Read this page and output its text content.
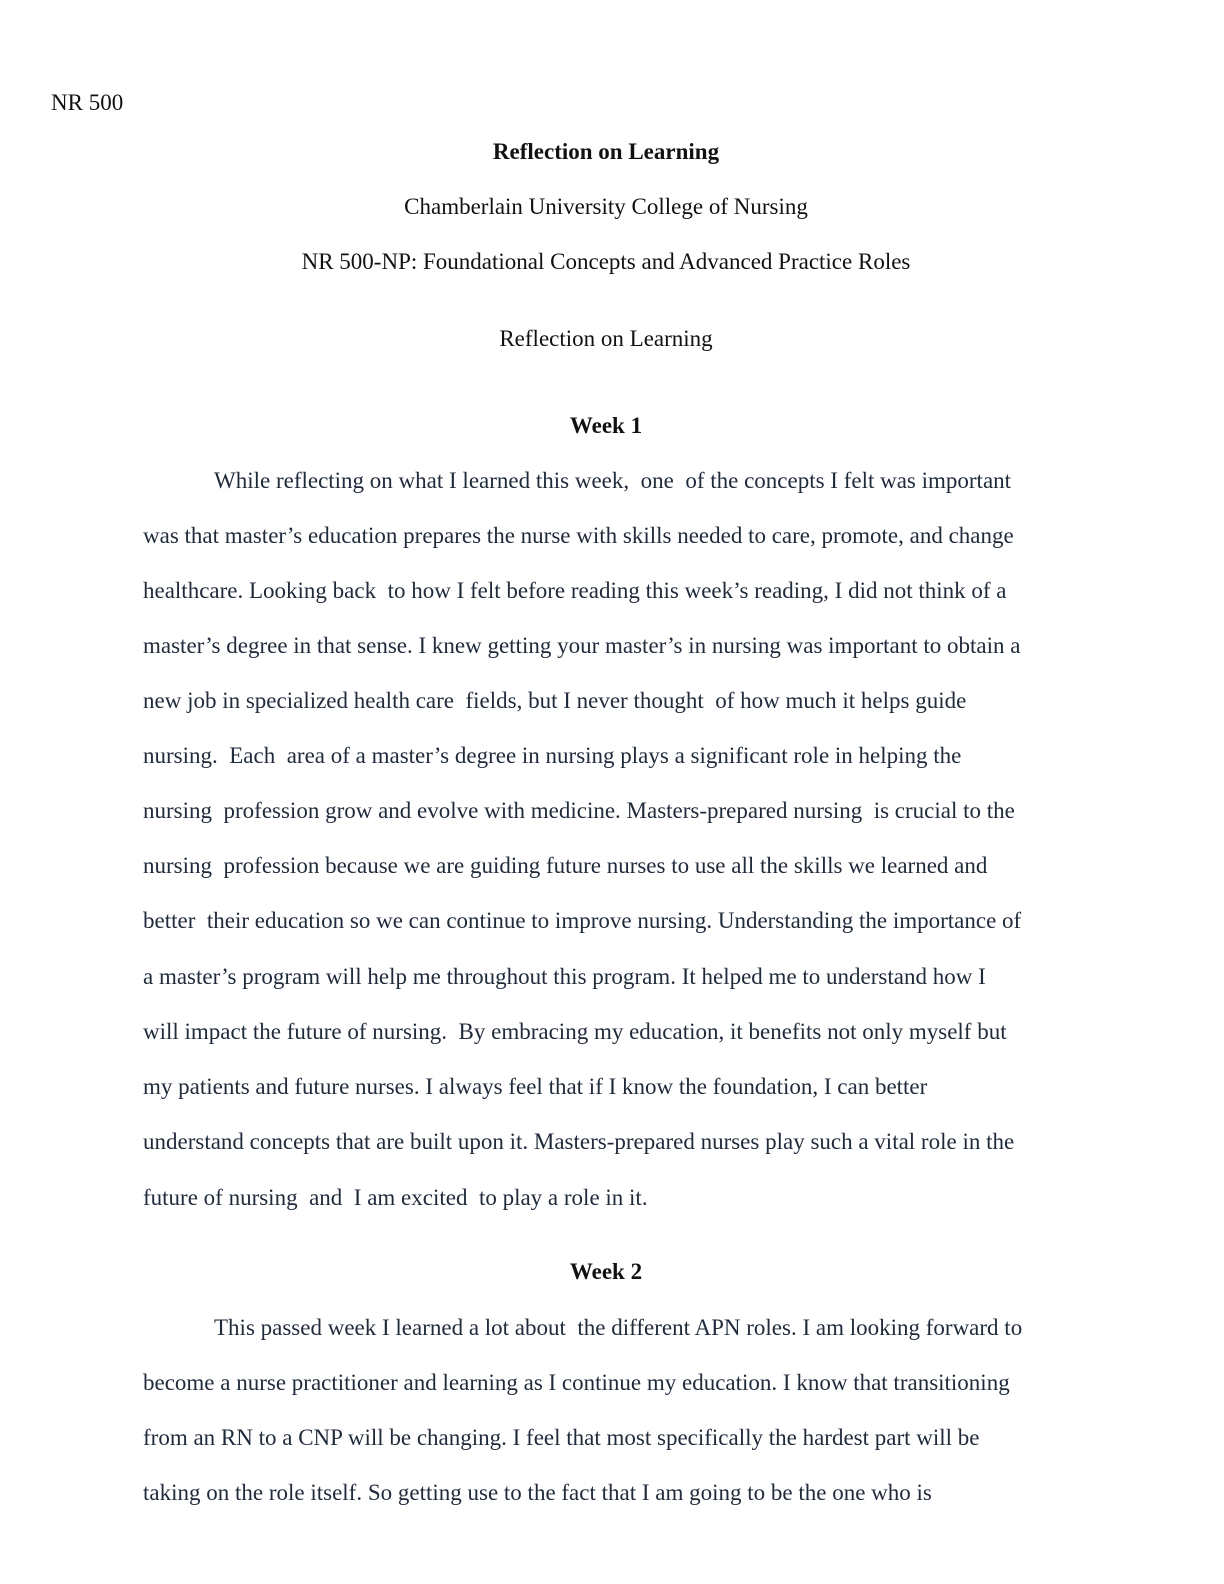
NR 500
Reflection on Learning
Chamberlain University College of Nursing
NR 500-NP: Foundational Concepts and Advanced Practice Roles
Reflection on Learning
Week 1
While reflecting on what I learned this week,  one  of the concepts I felt was important
was that master’s education prepares the nurse with skills needed to care, promote, and change
healthcare. Looking back  to how I felt before reading this week’s reading, I did not think of a
master’s degree in that sense. I knew getting your master’s in nursing was important to obtain a
new job in specialized health care  fields, but I never thought  of how much it helps guide
nursing.  Each  area of a master’s degree in nursing plays a significant role in helping the
nursing  profession grow and evolve with medicine. Masters-prepared nursing  is crucial to the
nursing  profession because we are guiding future nurses to use all the skills we learned and
better  their education so we can continue to improve nursing. Understanding the importance of
a master’s program will help me throughout this program. It helped me to understand how I
will impact the future of nursing.  By embracing my education, it benefits not only myself but
my patients and future nurses. I always feel that if I know the foundation, I can better
understand concepts that are built upon it. Masters-prepared nurses play such a vital role in the
future of nursing  and  I am excited  to play a role in it.
Week 2
This passed week I learned a lot about  the different APN roles. I am looking forward to
become a nurse practitioner and learning as I continue my education. I know that transitioning
from an RN to a CNP will be changing. I feel that most specifically the hardest part will be
taking on the role itself. So getting use to the fact that I am going to be the one who is
